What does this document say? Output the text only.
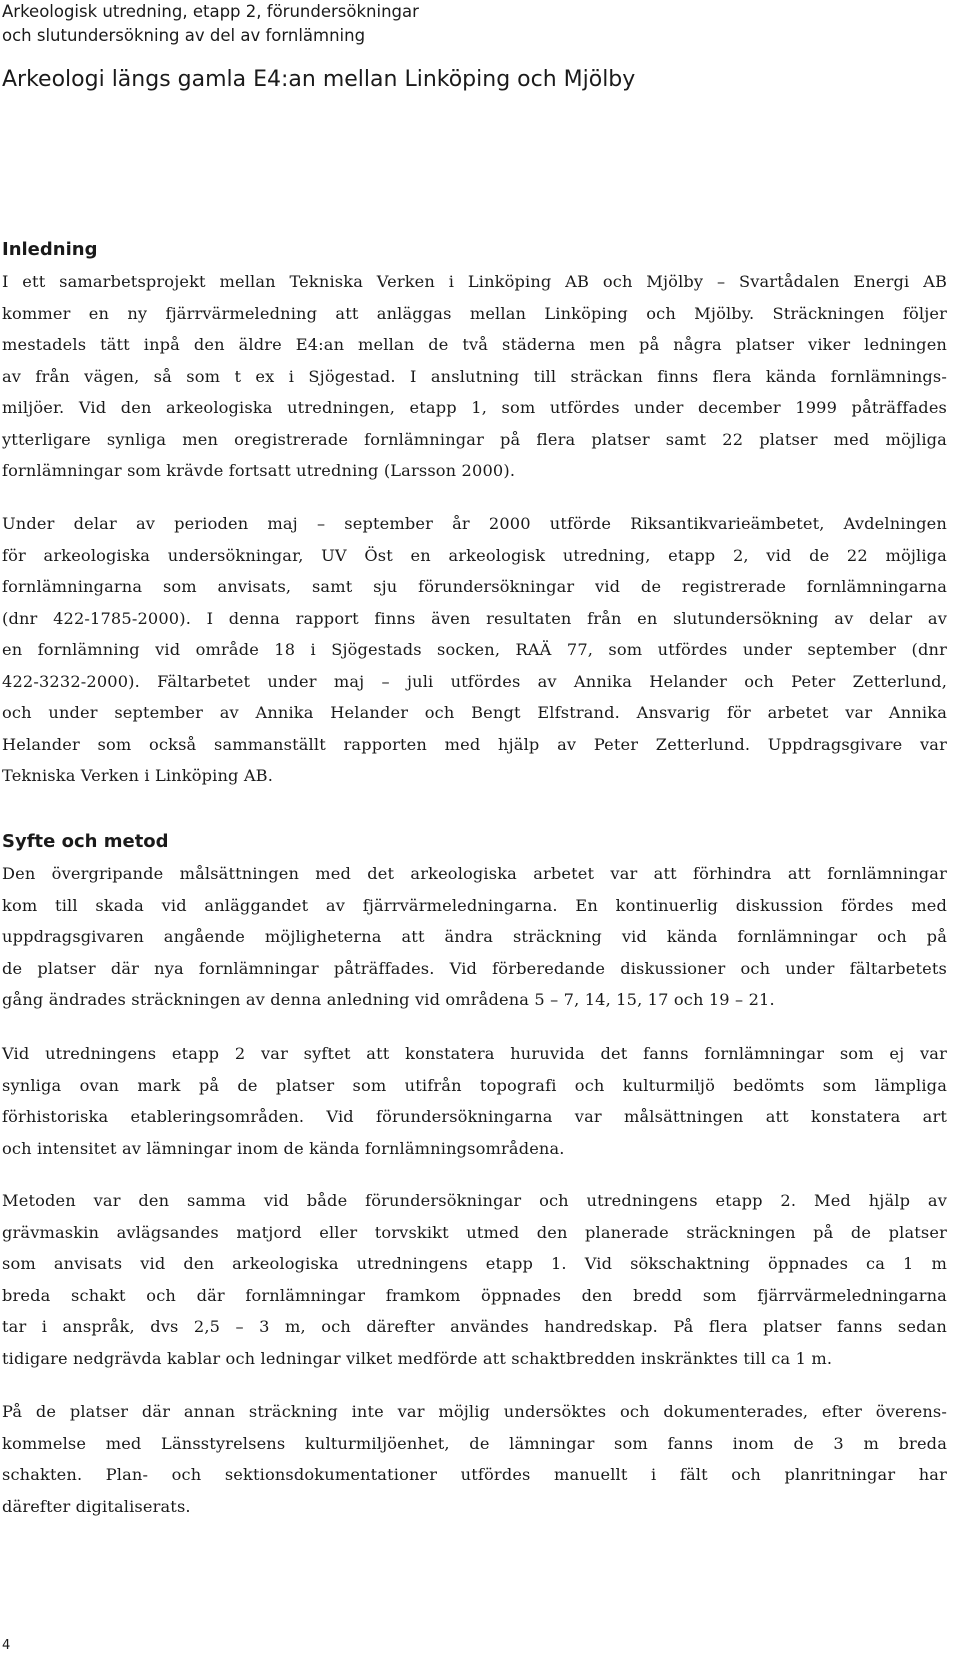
Arkeologisk utredning, etapp 2, förundersökningar
och slutundersökning av del av fornlämning
Arkeologi längs gamla E4:an mellan Linköping och Mjölby
Inledning

I ett samarbetsprojekt mellan Tekniska Verken i Linköping AB och Mjölby – Svartådalen Energi AB
kommer en ny fjärrvärmeledning att anläggas mellan Linköping och Mjölby. Sträckningen följer
mestadels tätt inpå den äldre E4:an mellan de två städerna men på några platser viker ledningen
av från vägen, så som t ex i Sjögestad. I anslutning till sträckan finns flera kända fornlämnings-
miljöer. Vid den arkeologiska utredningen, etapp 1, som utfördes under december 1999 påträffades
ytterligare synliga men oregistrerade fornlämningar på flera platser samt 22 platser med möjliga
fornlämningar som krävde fortsatt utredning (Larsson 2000).

Under delar av perioden maj – september år 2000 utförde Riksantikvarieämbetet, Avdelningen
för arkeologiska undersökningar, UV Öst en arkeologisk utredning, etapp 2, vid de 22 möjliga
fornlämningarna som anvisats, samt sju förundersökningar vid de registrerade fornlämningarna
(dnr 422-1785-2000). I denna rapport finns även resultaten från en slutundersökning av delar av
en fornlämning vid område 18 i Sjögestads socken, RAÄ 77, som utfördes under september (dnr
422-3232-2000). Fältarbetet under maj – juli utfördes av Annika Helander och Peter Zetterlund,
och under september av Annika Helander och Bengt Elfstrand. Ansvarig för arbetet var Annika
Helander som också sammanställt rapporten med hjälp av Peter Zetterlund. Uppdragsgivare var
Tekniska Verken i Linköping AB.

Syfte och metod

Den övergripande målsättningen med det arkeologiska arbetet var att förhindra att fornlämningar
kom till skada vid anläggandet av fjärrvärmeledningarna. En kontinuerlig diskussion fördes med
uppdragsgivaren angående möjligheterna att ändra sträckning vid kända fornlämningar och på
de platser där nya fornlämningar påträffades. Vid förberedande diskussioner och under fältarbetets
gång ändrades sträckningen av denna anledning vid områdena 5 – 7, 14, 15, 17 och 19 – 21.

Vid utredningens etapp 2 var syftet att konstatera huruvida det fanns fornlämningar som ej var
synliga ovan mark på de platser som utifrån topografi och kulturmiljö bedömts som lämpliga
förhistoriska etableringsområden. Vid förundersökningarna var målsättningen att konstatera art
och intensitet av lämningar inom de kända fornlämningsområdena.

Metoden var den samma vid både förundersökningar och utredningens etapp 2. Med hjälp av
grävmaskin avlägsandes matjord eller torvskikt utmed den planerade sträckningen på de platser
som anvisats vid den arkeologiska utredningens etapp 1. Vid sökschaktning öppnades ca 1 m
breda schakt och där fornlämningar framkom öppnades den bredd som fjärrvärmeledningarna
tar i anspråk, dvs 2,5 – 3 m, och därefter användes handredskap. På flera platser fanns sedan
tidigare nedgrävda kablar och ledningar vilket medförde att schaktbredden inskränktes till ca 1 m.

På de platser där annan sträckning inte var möjlig undersöktes och dokumenterades, efter överens-
kommelse med Länsstyrelsens kulturmiljöenhet, de lämningar som fanns inom de 3 m breda
schakten. Plan- och sektionsdokumentationer utfördes manuellt i fält och planritningar har
därefter digitaliserats.

4
